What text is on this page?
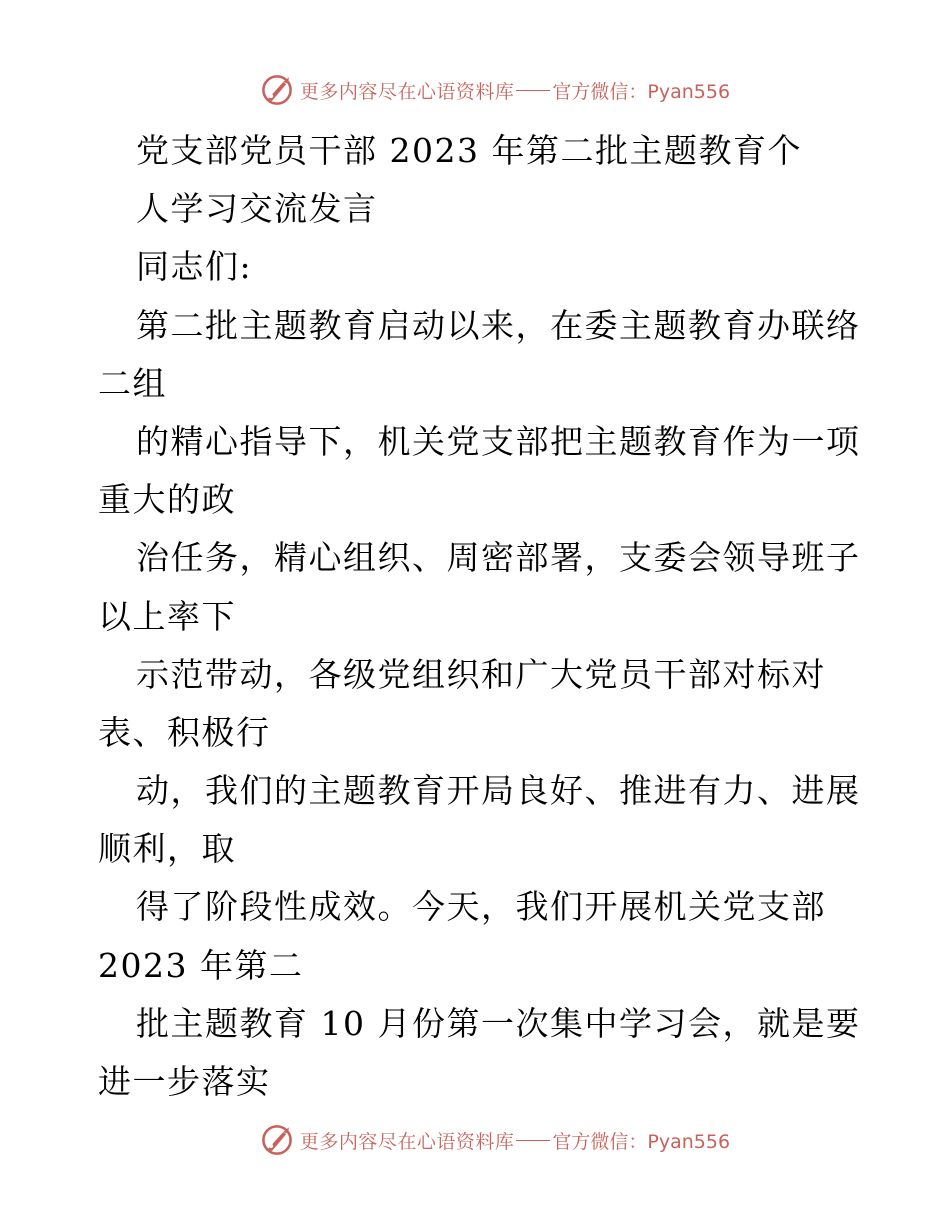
更多内容尽在心语资料库 官方微信：Pyan556
党支部党员干部 2023 年第二批主题教育个
人学习交流发言
同志们:
第二批主题教育启动以来，在委主题教育办联络
二组
的精心指导下，机关党支部把主题教育作为一项
重大的政
治任务，精心组织、周密部署，支委会领导班子
以上率下
示范带动，各级党组织和广大党员干部对标对
表、积极行
动，我们的主题教育开局良好、推进有力、进展
顺利，取
得了阶段性成效。今天，我们开展机关党支部
2023 年第二
批主题教育 10 月份第一次集中学习会，就是要
进一步落实
更多内容尽在心语资料库 官方微信：Pyan556
